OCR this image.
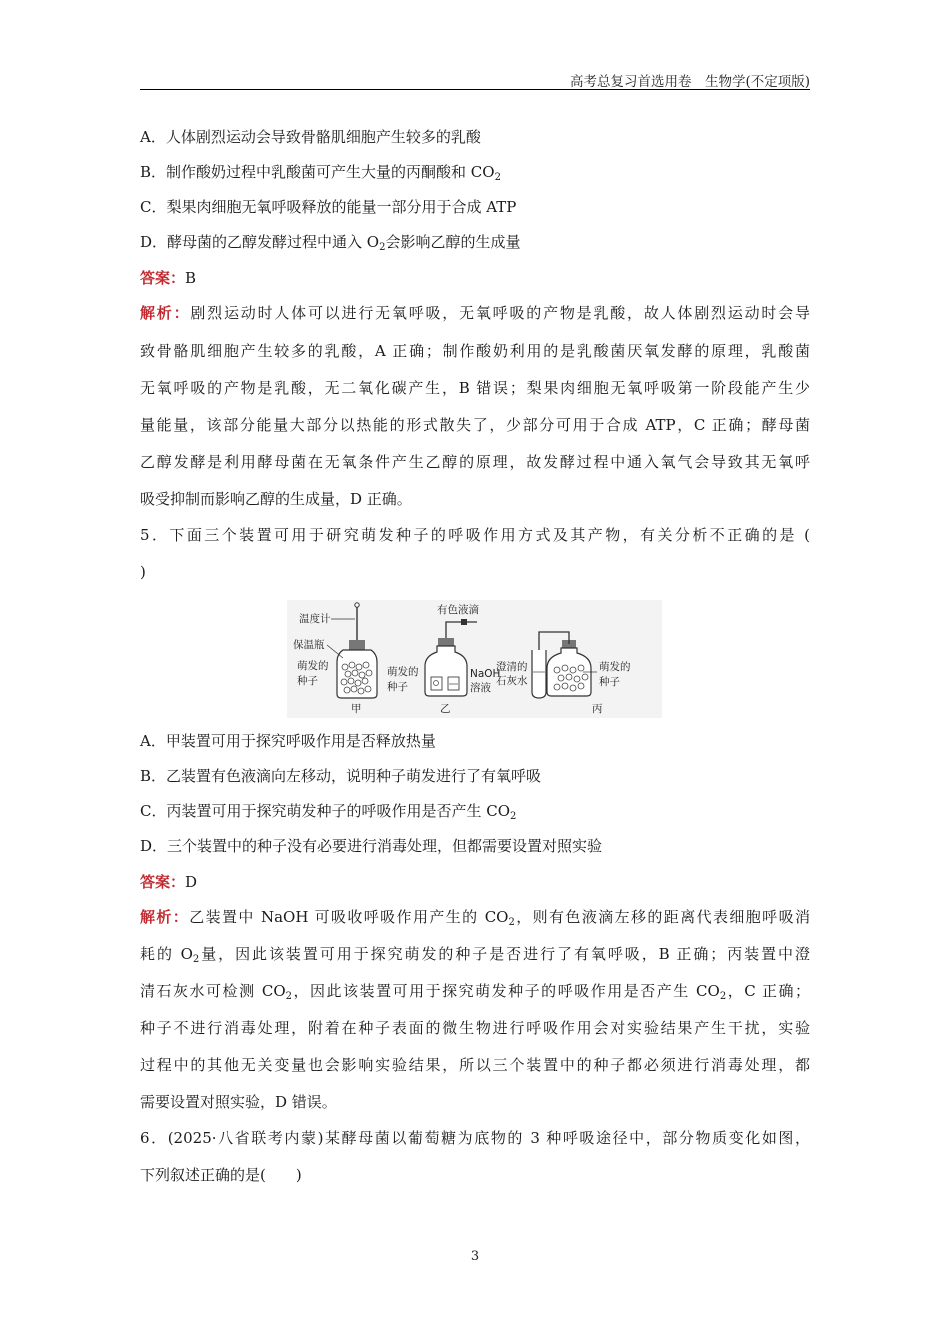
高考总复习首选用卷　生物学(不定项版)
A．人体剧烈运动会导致骨骼肌细胞产生较多的乳酸
B．制作酸奶过程中乳酸菌可产生大量的丙酮酸和 $CO_2$
C．梨果肉细胞无氧呼吸释放的能量一部分用于合成 ATP
D．酵母菌的乙醇发酵过程中通入 $O_2$会影响乙醇的生成量
答案：B
解析：剧烈运动时人体可以进行无氧呼吸，无氧呼吸的产物是乳酸，故人体剧烈运动时会导
致骨骼肌细胞产生较多的乳酸，A 正确；制作酸奶利用的是乳酸菌厌氧发酵的原理，乳酸菌
无氧呼吸的产物是乳酸，无二氧化碳产生，B 错误；梨果肉细胞无氧呼吸第一阶段能产生少
量能量，该部分能量大部分以热能的形式散失了，少部分可用于合成 ATP，C 正确；酵母菌
乙醇发酵是利用酵母菌在无氧条件产生乙醇的原理，故发酵过程中通入氧气会导致其无氧呼
吸受抑制而影响乙醇的生成量，D 正确。
5．下面三个装置可用于研究萌发种子的呼吸作用方式及其产物，有关分析不正确的是 (
)
温度计
保温瓶
萌发的
种子
甲
有色液滴
萌发的
种子
NaOH
溶液
乙
澄清的
石灰水
萌发的
种子
丙
A．甲装置可用于探究呼吸作用是否释放热量
B．乙装置有色液滴向左移动，说明种子萌发进行了有氧呼吸
C．丙装置可用于探究萌发种子的呼吸作用是否产生 $CO_2$
D．三个装置中的种子没有必要进行消毒处理，但都需要设置对照实验
答案：D
解析：乙装置中 NaOH 可吸收呼吸作用产生的 $CO_2$，则有色液滴左移的距离代表细胞呼吸消
耗的 $O_2$量，因此该装置可用于探究萌发的种子是否进行了有氧呼吸，B 正确；丙装置中澄
清石灰水可检测 $CO_2$，因此该装置可用于探究萌发种子的呼吸作用是否产生 $CO_2$，C 正确；
种子不进行消毒处理，附着在种子表面的微生物进行呼吸作用会对实验结果产生干扰，实验
过程中的其他无关变量也会影响实验结果，所以三个装置中的种子都必须进行消毒处理，都
需要设置对照实验，D 错误。
6．(2025·八省联考内蒙)某酵母菌以葡萄糖为底物的 3 种呼吸途径中，部分物质变化如图，
下列叙述正确的是(　　)
3
